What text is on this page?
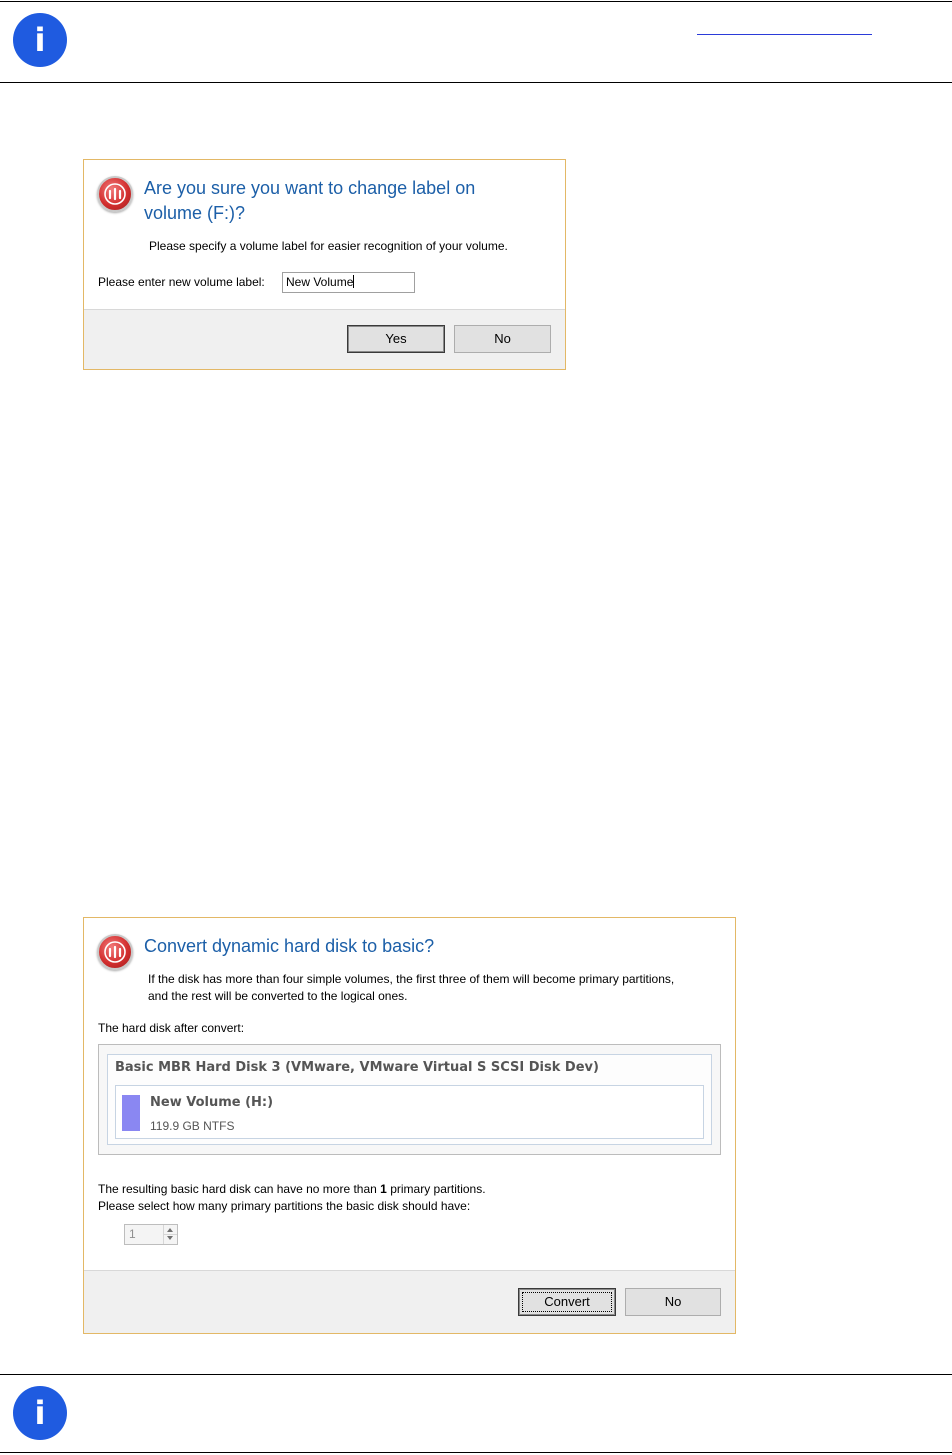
i
Are you sure you want to change label on volume (F:)?
Please specify a volume label for easier recognition of your volume.
Please enter new volume label:	New Volume
Yes	No
Convert dynamic hard disk to basic?
If the disk has more than four simple volumes, the first three of them will become primary partitions,
and the rest will be converted to the logical ones.
The hard disk after convert:
Basic MBR Hard Disk 3 (VMware, VMware Virtual S SCSI Disk Dev)
New Volume (H:)
119.9 GB NTFS
The resulting basic hard disk can have no more than 1 primary partitions.
Please select how many primary partitions the basic disk should have:
1
Convert	No
i
